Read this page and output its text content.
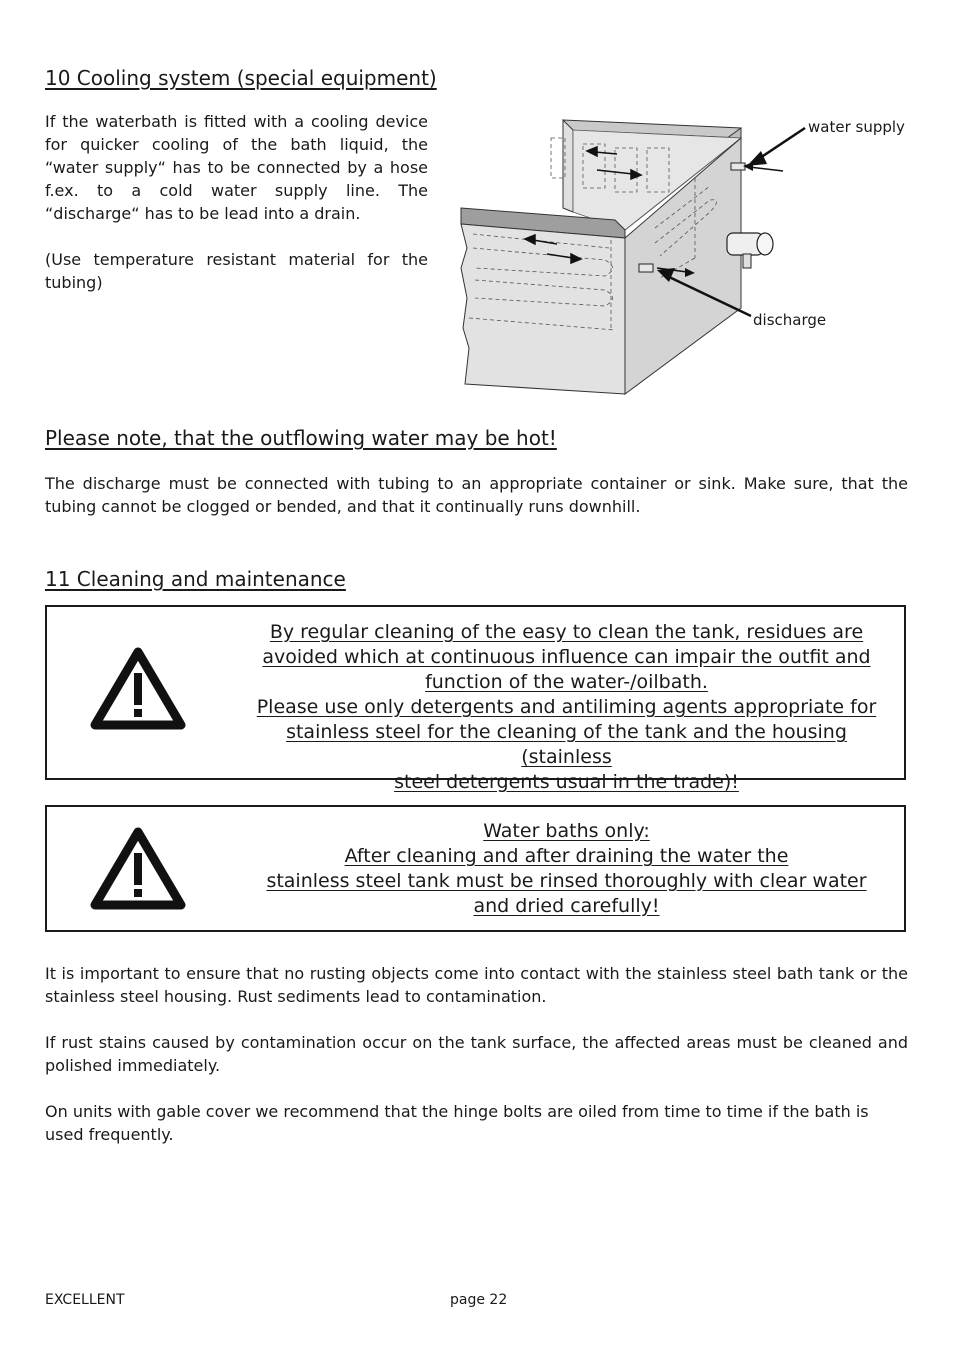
10 Cooling system (special equipment)

If the waterbath is fitted with a cooling device for quicker cooling of the bath liquid, the “water supply“ has to be connected by a hose f.ex. to a cold water supply line. The “discharge“ has to be lead into a drain.

(Use temperature resistant material for the tubing)

water supply
discharge
Please note, that the outflowing water may be hot!

The discharge must be connected with tubing to an appropriate container or sink. Make sure, that the tubing cannot be clogged or bended, and that it continually runs downhill.

11 Cleaning and maintenance
By regular cleaning of the easy to clean the tank, residues are
avoided which at continuous influence can impair the outfit and
function of the water-/oilbath.
Please use only detergents and antiliming agents appropriate for
stainless steel for the cleaning of the tank and the housing (stainless
steel detergents usual in the trade)!
Water baths only:
After cleaning and after draining the water the
stainless steel tank must be rinsed thoroughly with clear water
and dried carefully!

It is important to ensure that no rusting objects come into contact with the stainless steel bath tank or the stainless steel housing. Rust sediments lead to contamination.

If rust stains caused by contamination occur on the tank surface, the affected areas must be cleaned and polished immediately.

On units with gable cover we recommend that the hinge bolts are oiled from time to time if the bath is used frequently.

EXCELLENT	page 22
